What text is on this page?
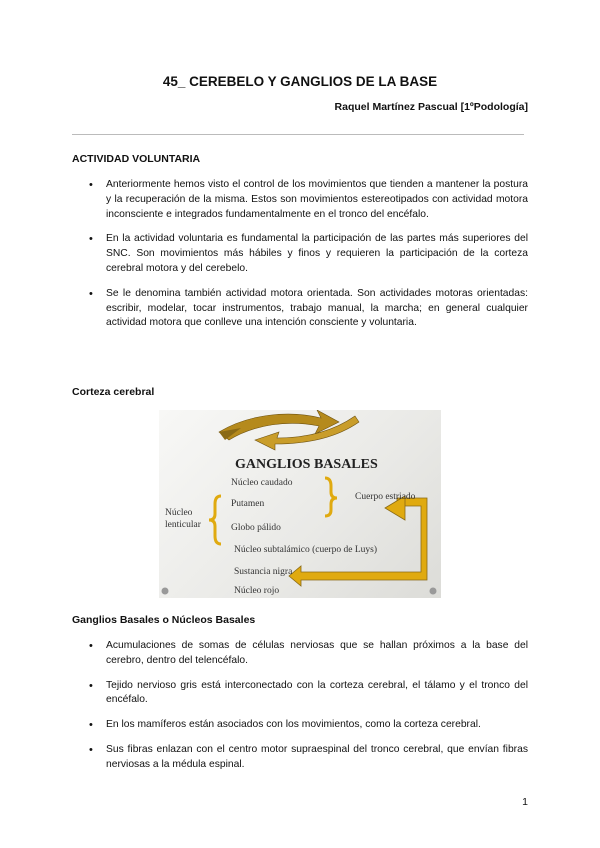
45_ CEREBELO Y GANGLIOS DE LA BASE
Raquel Martínez Pascual [1ºPodología]
ACTIVIDAD VOLUNTARIA
• Anteriormente hemos visto el control de los movimientos que tienden a mantener la postura y la recuperación de la misma. Estos son movimientos estereotipados con actividad motora inconsciente e integrados fundamentalmente en el tronco del encéfalo.
• En la actividad voluntaria es fundamental la participación de las partes más superiores del SNC. Son movimientos más hábiles y finos y requieren la participación de la corteza cerebral motora y del cerebelo.
• Se le denomina también actividad motora orientada. Son actividades motoras orientadas: escribir, modelar, tocar instrumentos, trabajo manual, la marcha; en general cualquier actividad motora que conlleve una intención consciente y voluntaria.
Corteza cerebral
GANGLIOS BASALES
Núcleo caudado
Putamen
Globo pálido
Núcleo subtalámico (cuerpo de Luys)
Sustancia nigra
Núcleo rojo
Núcleo
lenticular
Cuerpo estriado
Ganglios Basales o Núcleos Basales
• Acumulaciones de somas de células nerviosas que se hallan próximos a la base del cerebro, dentro del telencéfalo.
• Tejido nervioso gris está interconectado con la corteza cerebral, el tálamo y el tronco del encéfalo.
• En los mamíferos están asociados con los movimientos, como la corteza cerebral.
• Sus fibras enlazan con el centro motor supraespinal del tronco cerebral, que envían fibras nerviosas a la médula espinal.
1
